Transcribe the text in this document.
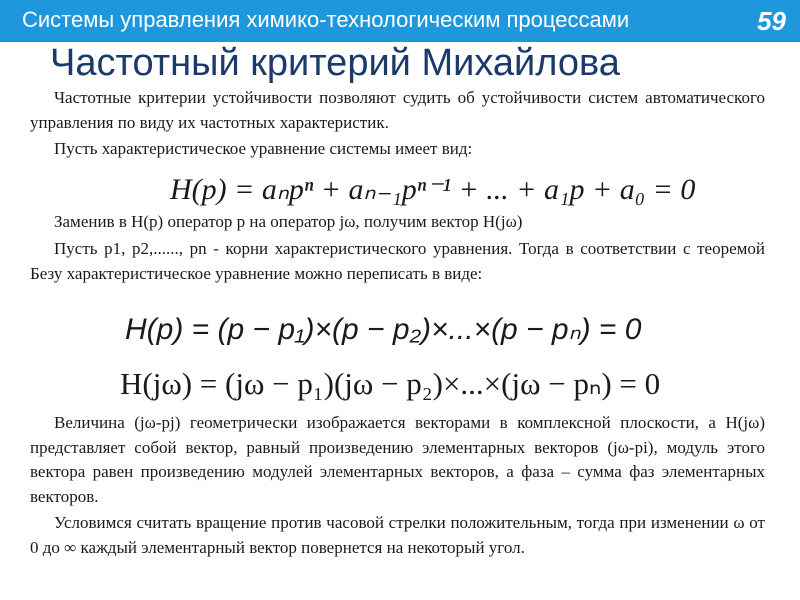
Системы управления химико-технологическим процессами	59
Частотный критерий Михайлова

Частотные критерии устойчивости позволяют судить об устойчивости систем автоматического управления по виду их частотных характеристик.

Пусть характеристическое уравнение системы имеет вид:

H(p) = aₙpⁿ + aₙ₋₁pⁿ⁻¹ + ... + a₁p + a₀ = 0

Заменив в H(p) оператор p на оператор jω, получим вектор H(jω)

Пусть p1, p2,......, pn - корни характеристического уравнения. Тогда в соответствии с теоремой Безу характеристическое уравнение можно переписать в виде:

H(p) = (p − p₁)×(p − p₂)×...×(p − pₙ) = 0
H(jω) = (jω − p₁)(jω − p₂)×...×(jω − pₙ) = 0

Величина (jω-pj) геометрически изображается векторами в комплексной плоскости, а H(jω) представляет собой вектор, равный произведению элементарных векторов (jω-pi), модуль этого вектора равен произведению модулей элементарных векторов, а фаза – сумма фаз элементарных векторов.

Условимся считать вращение против часовой стрелки положительным, тогда при изменении ω от 0 до ∞ каждый элементарный вектор повернется на некоторый угол.
